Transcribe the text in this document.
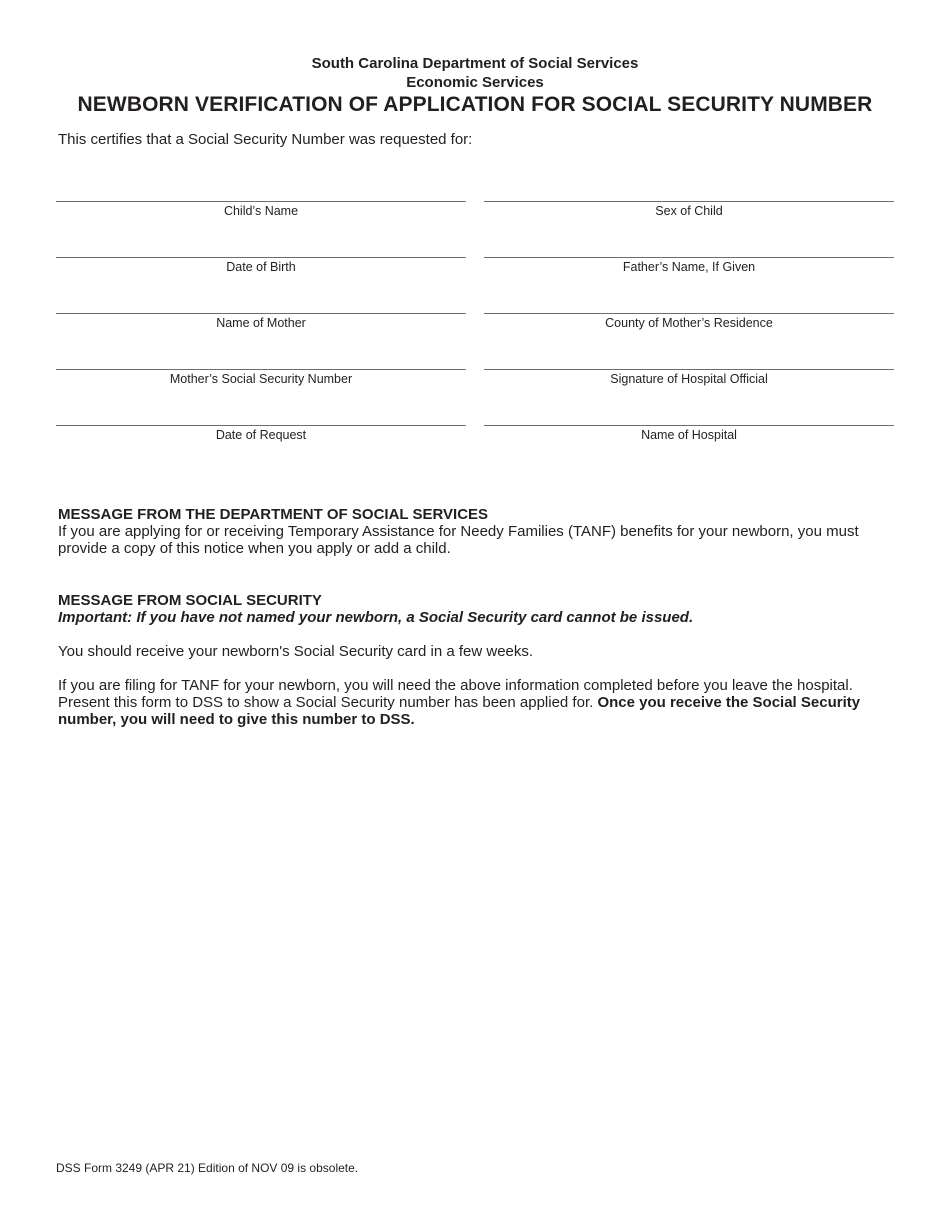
South Carolina Department of Social Services
Economic Services
NEWBORN VERIFICATION OF APPLICATION FOR SOCIAL SECURITY NUMBER
This certifies that a Social Security Number was requested for:
Child’s Name	Sex of Child
Date of Birth	Father’s Name, If Given
Name of Mother	County of Mother’s Residence
Mother’s Social Security Number	Signature of Hospital Official
Date of Request	Name of Hospital
MESSAGE FROM THE DEPARTMENT OF SOCIAL SERVICES

If you are applying for or receiving Temporary Assistance for Needy Families (TANF) benefits for your newborn, you must provide a copy of this notice when you apply or add a child.

MESSAGE FROM SOCIAL SECURITY
Important: If you have not named your newborn, a Social Security card cannot be issued.

You should receive your newborn's Social Security card in a few weeks.

If you are filing for TANF for your newborn, you will need the above information completed before you leave the hospital. Present this form to DSS to show a Social Security number has been applied for. Once you receive the Social Security number, you will need to give this number to DSS.

DSS Form 3249 (APR 21) Edition of NOV 09 is obsolete.
